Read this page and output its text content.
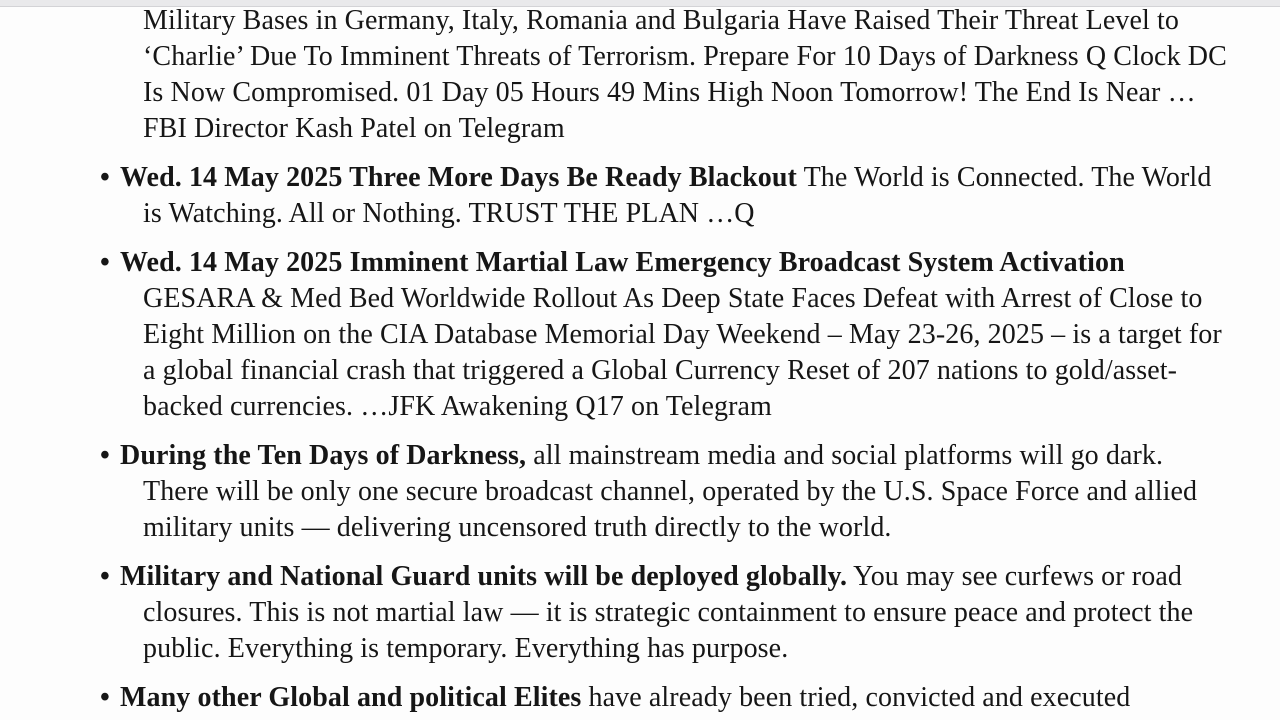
Military Bases in Germany, Italy, Romania and Bulgaria Have Raised Their Threat Level to ‘Charlie’ Due To Imminent Threats of Terrorism. Prepare For 10 Days of Darkness Q Clock DC Is Now Compromised. 01 Day 05 Hours 49 Mins High Noon Tomorrow! The End Is Near …FBI Director Kash Patel on Telegram

• Wed. 14 May 2025 Three More Days Be Ready Blackout The World is Connected. The World is Watching. All or Nothing. TRUST THE PLAN …Q
• Wed. 14 May 2025 Imminent Martial Law Emergency Broadcast System Activation GESARA & Med Bed Worldwide Rollout As Deep State Faces Defeat with Arrest of Close to Eight Million on the CIA Database Memorial Day Weekend – May 23-26, 2025 – is a target for a global financial crash that triggered a Global Currency Reset of 207 nations to gold/asset-backed currencies. …JFK Awakening Q17 on Telegram
• During the Ten Days of Darkness, all mainstream media and social platforms will go dark. There will be only one secure broadcast channel, operated by the U.S. Space Force and allied military units — delivering uncensored truth directly to the world.
• Military and National Guard units will be deployed globally. You may see curfews or road closures. This is not martial law — it is strategic containment to ensure peace and protect the public. Everything is temporary. Everything has purpose.
• Many other Global and political Elites have already been tried, convicted and executed
